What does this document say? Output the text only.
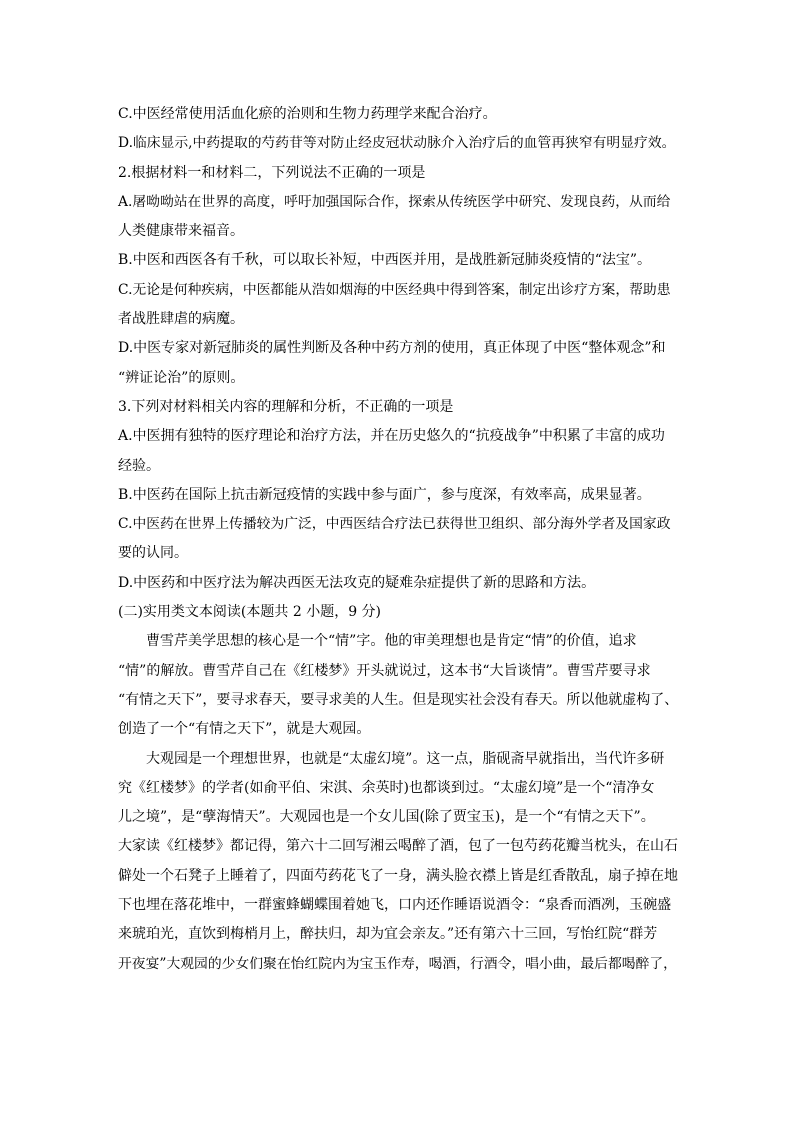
C.中医经常使用活血化瘀的治则和生物力药理学来配合治疗。

D.临床显示,中药提取的芍药苷等对防止经皮冠状动脉介入治疗后的血管再狭窄有明显疗效。

2.根据材料一和材料二，下列说法不正确的一项是

A.屠呦呦站在世界的高度，呼吁加强国际合作，探索从传统医学中研究、发现良药，从而给

人类健康带来福音。

B.中医和西医各有千秋，可以取长补短，中西医并用，是战胜新冠肺炎疫情的“法宝”。

C.无论是何种疾病，中医都能从浩如烟海的中医经典中得到答案，制定出诊疗方案，帮助患

者战胜肆虐的病魔。

D.中医专家对新冠肺炎的属性判断及各种中药方剂的使用，真正体现了中医“整体观念”和

“辨证论治”的原则。

3.下列对材料相关内容的理解和分析，不正确的一项是

A.中医拥有独特的医疗理论和治疗方法，并在历史悠久的“抗疫战争”中积累了丰富的成功

经验。

B.中医药在国际上抗击新冠疫情的实践中参与面广，参与度深，有效率高，成果显著。

C.中医药在世界上传播较为广泛，中西医结合疗法已获得世卫组织、部分海外学者及国家政

要的认同。

D.中医药和中医疗法为解决西医无法攻克的疑难杂症提供了新的思路和方法。

(二)实用类文本阅读(本题共 2 小题，9 分)

曹雪芹美学思想的核心是一个“情”字。他的审美理想也是肯定“情”的价值，追求

“情”的解放。曹雪芹自己在《红楼梦》开头就说过，这本书“大旨谈情”。曹雪芹要寻求

“有情之天下”，要寻求春天，要寻求美的人生。但是现实社会没有春天。所以他就虚构了、

创造了一个“有情之天下”，就是大观园。

大观园是一个理想世界，也就是“太虚幻境”。这一点，脂砚斋早就指出，当代许多研

究《红楼梦》的学者(如俞平伯、宋淇、余英时)也都谈到过。“太虚幻境”是一个“清净女

儿之境”，是“孽海情天”。大观园也是一个女儿国(除了贾宝玉)，是一个“有情之天下”。

大家读《红楼梦》都记得，第六十二回写湘云喝醉了酒，包了一包芍药花瓣当枕头，在山石

僻处一个石凳子上睡着了，四面芍药花飞了一身，满头脸衣襟上皆是红香散乱，扇子掉在地

下也埋在落花堆中，一群蜜蜂蝴蝶围着她飞，口内还作睡语说酒令：“泉香而酒冽，玉碗盛

来琥珀光，直饮到梅梢月上，醉扶归，却为宜会亲友。”还有第六十三回，写怡红院“群芳

开夜宴”大观园的少女们聚在怡红院内为宝玉作寿，喝酒，行酒令，唱小曲，最后都喝醉了，
